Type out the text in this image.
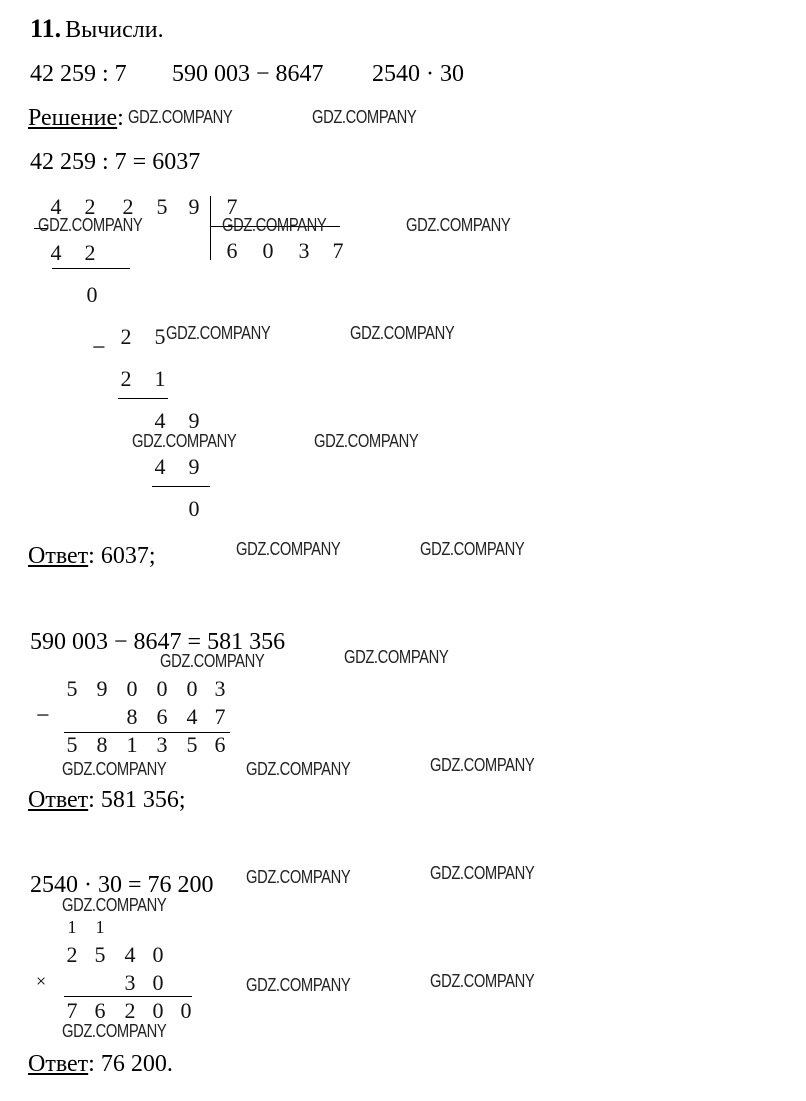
11. Вычисли.
42 259 : 7 590 003 − 8647 2540 · 30
Решение: GDZ.COMPANY	GDZ.COMPANY
42 259 : 7 = 6037
4 2 2 5 9 7
6 0 3 7
GDZ.COMPANY	GDZ.COMPANY	GDZ.COMPANY
4 2
0
− 2 5 GDZ.COMPANY	GDZ.COMPANY
2 1
4 9
GDZ.COMPANY	GDZ.COMPANY
4 9
0
Ответ: 6037;	GDZ.COMPANY	GDZ.COMPANY
590 003 − 8647 = 581 356
GDZ.COMPANY	GDZ.COMPANY
5 9 0 0 0 3
−	8 6 4 7
5 8 1 3 5 6
GDZ.COMPANY	GDZ.COMPANY	GDZ.COMPANY
Ответ: 581 356;
2540 · 30 = 76 200 GDZ.COMPANY	GDZ.COMPANY
GDZ.COMPANY
1	1
2 5 4 0
×	3 0	GDZ.COMPANY	GDZ.COMPANY
7 6 2 0 0
GDZ.COMPANY
Ответ: 76 200.
